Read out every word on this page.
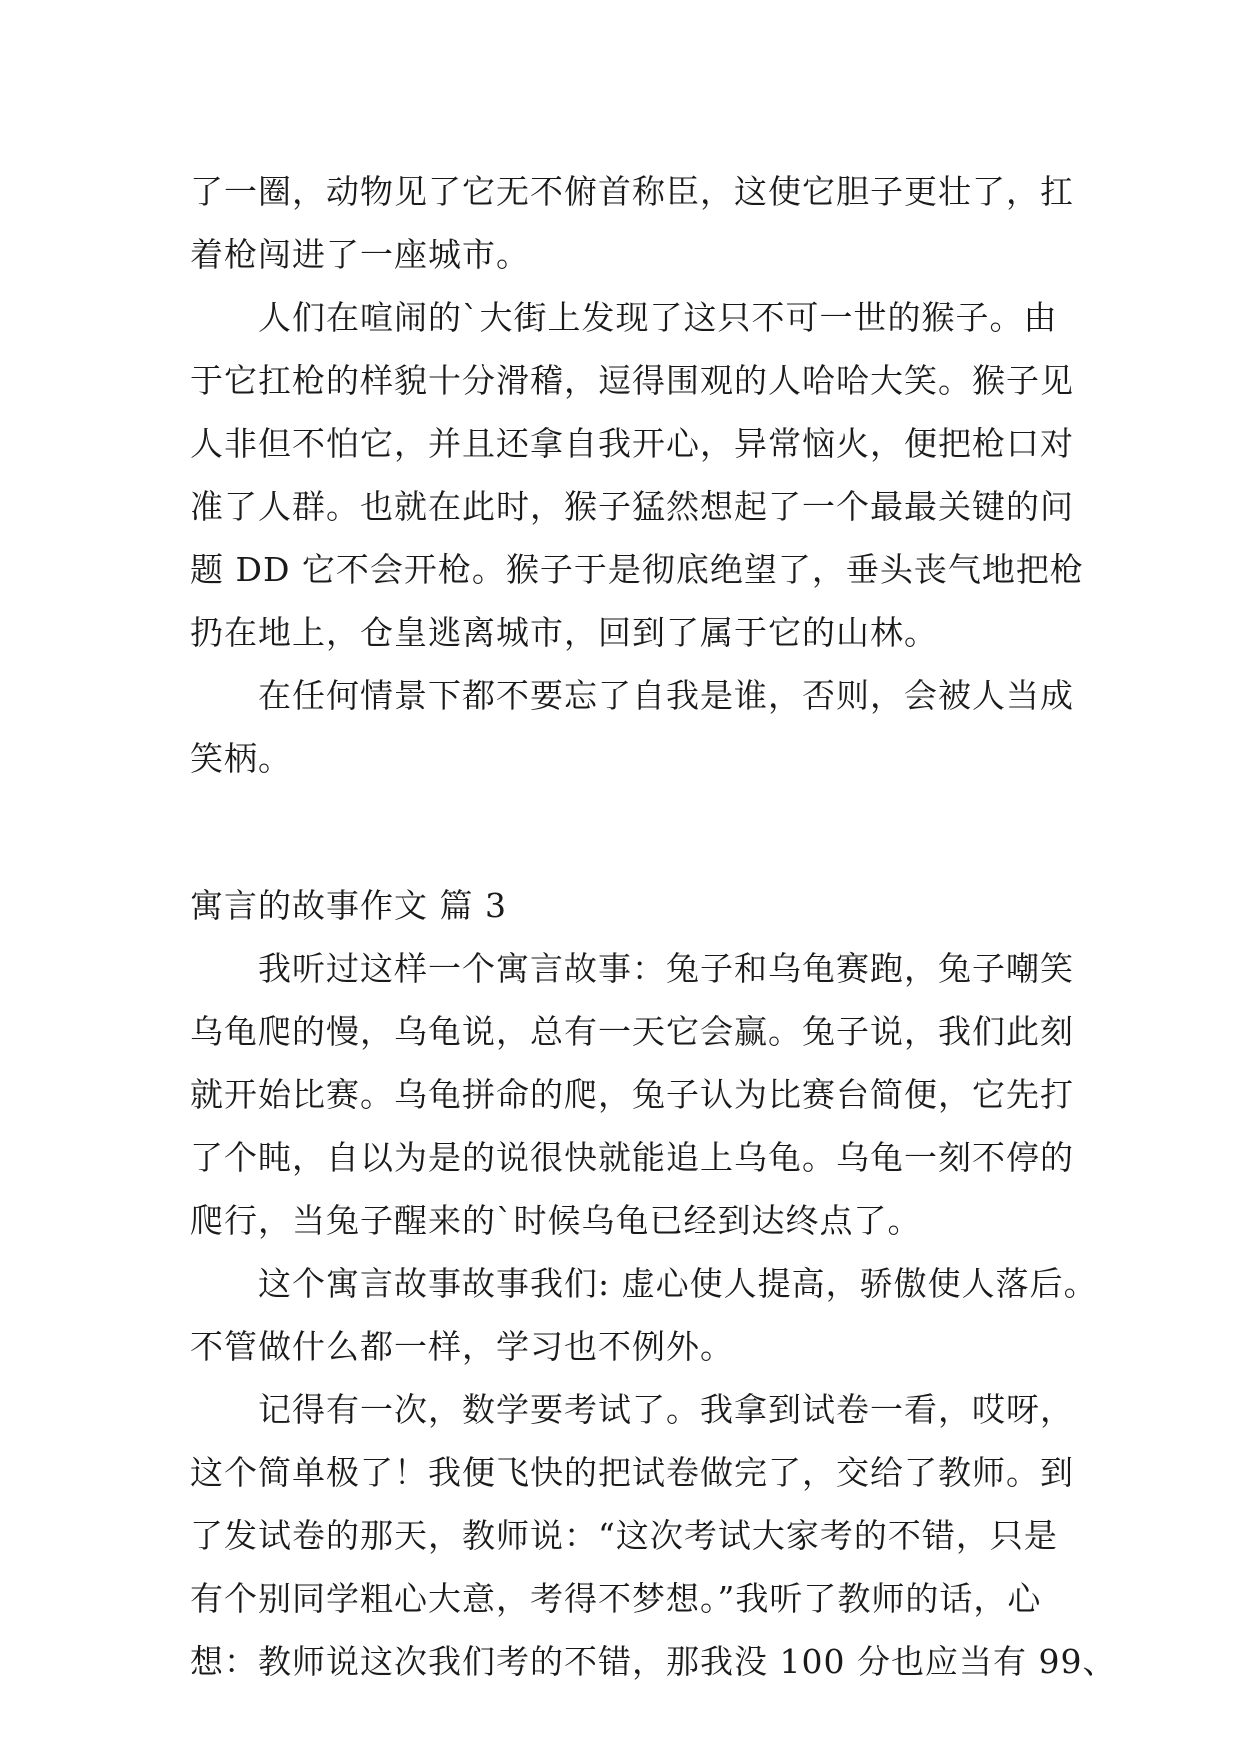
了一圈，动物见了它无不俯首称臣，这使它胆子更壮了，扛
着枪闯进了一座城市。
人们在喧闹的`大街上发现了这只不可一世的猴子。由
于它扛枪的样貌十分滑稽，逗得围观的人哈哈大笑。猴子见
人非但不怕它，并且还拿自我开心，异常恼火，便把枪口对
准了人群。也就在此时，猴子猛然想起了一个最最关键的问
题 DD 它不会开枪。猴子于是彻底绝望了，垂头丧气地把枪
扔在地上，仓皇逃离城市，回到了属于它的山林。
在任何情景下都不要忘了自我是谁，否则，会被人当成
笑柄。
寓言的故事作文 篇 3
我听过这样一个寓言故事：兔子和乌龟赛跑，兔子嘲笑
乌龟爬的慢，乌龟说，总有一天它会赢。兔子说，我们此刻
就开始比赛。乌龟拼命的爬，兔子认为比赛台简便，它先打
了个盹，自以为是的说很快就能追上乌龟。乌龟一刻不停的
爬行，当兔子醒来的`时候乌龟已经到达终点了。
这个寓言故事故事我们: 虚心使人提高，骄傲使人落后。
不管做什么都一样，学习也不例外。
记得有一次，数学要考试了。我拿到试卷一看，哎呀，
这个简单极了！我便飞快的把试卷做完了，交给了教师。到
了发试卷的那天，教师说：“这次考试大家考的不错，只是
有个别同学粗心大意，考得不梦想。”我听了教师的话，心
想：教师说这次我们考的不错，那我没 100 分也应当有 99、
